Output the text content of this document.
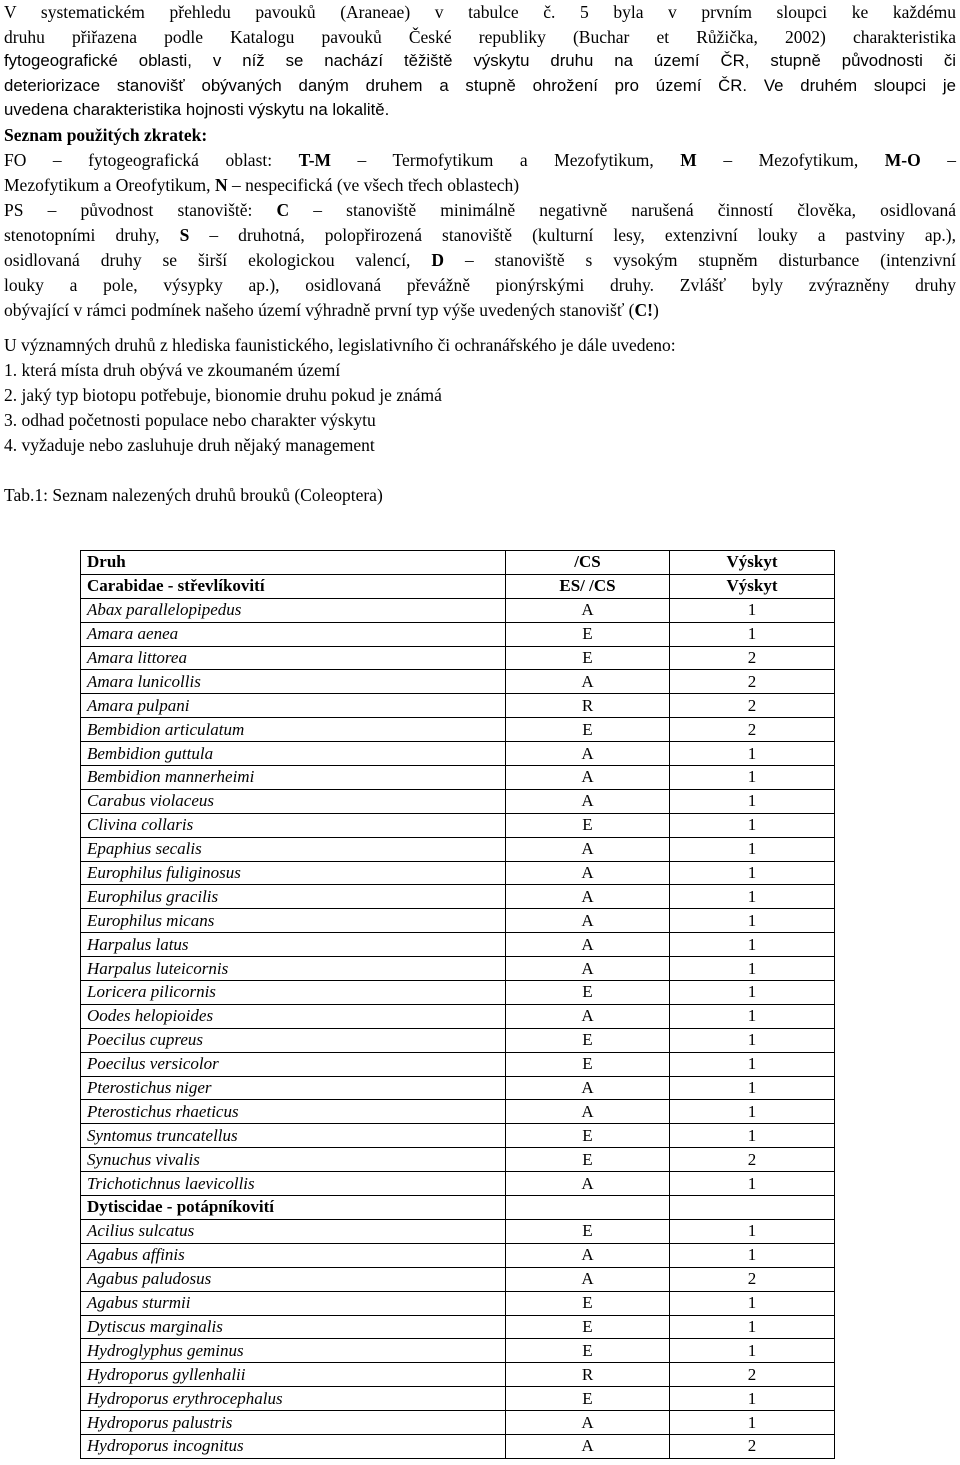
V systematickém přehledu pavouků (Araneae) v tabulce č. 5 byla v prvním sloupci ke každému

druhu přiřazena podle Katalogu pavouků České republiky (Buchar et Růžička, 2002) charakteristika

fytogeografické oblasti, v níž se nachází těžiště výskytu druhu na území ČR, stupně původnosti či

deteriorizace stanovišť obývaných daným druhem a stupně ohrožení pro území ČR. Ve druhém sloupci je

uvedena charakteristika hojnosti výskytu na lokalitě.

Seznam použitých zkratek:

FO – fytogeografická oblast: T-M – Termofytikum a Mezofytikum, M – Mezofytikum, M-O –

Mezofytikum a Oreofytikum, N – nespecifická (ve všech třech oblastech)

PS – původnost stanoviště: C – stanoviště minimálně negativně narušená činností člověka, osidlovaná

stenotopními druhy, S – druhotná, polopřirozená stanoviště (kulturní lesy, extenzivní louky a pastviny ap.),

osidlovaná druhy se širší ekologickou valencí, D – stanoviště s vysokým stupněm disturbance (intenzivní

louky a pole, výsypky ap.), osidlovaná převážně pionýrskými druhy. Zvlášť byly zvýrazněny druhy

obývající v rámci podmínek našeho území výhradně první typ výše uvedených stanovišť (C!)

U významných druhů z hlediska faunistického, legislativního či ochranářského je dále uvedeno:

1. která místa druh obývá ve zkoumaném území

2. jaký typ biotopu potřebuje, bionomie druhu pokud je známá

3. odhad početnosti populace nebo charakter výskytu

4. vyžaduje nebo zasluhuje druh nějaký management

Tab.1: Seznam nalezených druhů brouků (Coleoptera)

Druh	/CS	Výskyt
Carabidae - střevlíkovití	ES/ /CS	Výskyt
Abax parallelopipedus	A	1
Amara aenea	E	1
Amara littorea	E	2
Amara lunicollis	A	2
Amara pulpani	R	2
Bembidion articulatum	E	2
Bembidion guttula	A	1
Bembidion mannerheimi	A	1
Carabus violaceus	A	1
Clivina collaris	E	1
Epaphius secalis	A	1
Europhilus fuliginosus	A	1
Europhilus gracilis	A	1
Europhilus micans	A	1
Harpalus latus	A	1
Harpalus luteicornis	A	1
Loricera pilicornis	E	1
Oodes helopioides	A	1
Poecilus cupreus	E	1
Poecilus versicolor	E	1
Pterostichus niger	A	1
Pterostichus rhaeticus	A	1
Syntomus truncatellus	E	1
Synuchus vivalis	E	2
Trichotichnus laevicollis	A	1
Dytiscidae - potápníkovití		
Acilius sulcatus	E	1
Agabus affinis	A	1
Agabus paludosus	A	2
Agabus sturmii	E	1
Dytiscus marginalis	E	1
Hydroglyphus geminus	E	1
Hydroporus gyllenhalii	R	2
Hydroporus erythrocephalus	E	1
Hydroporus palustris	A	1
Hydroporus incognitus	A	2
